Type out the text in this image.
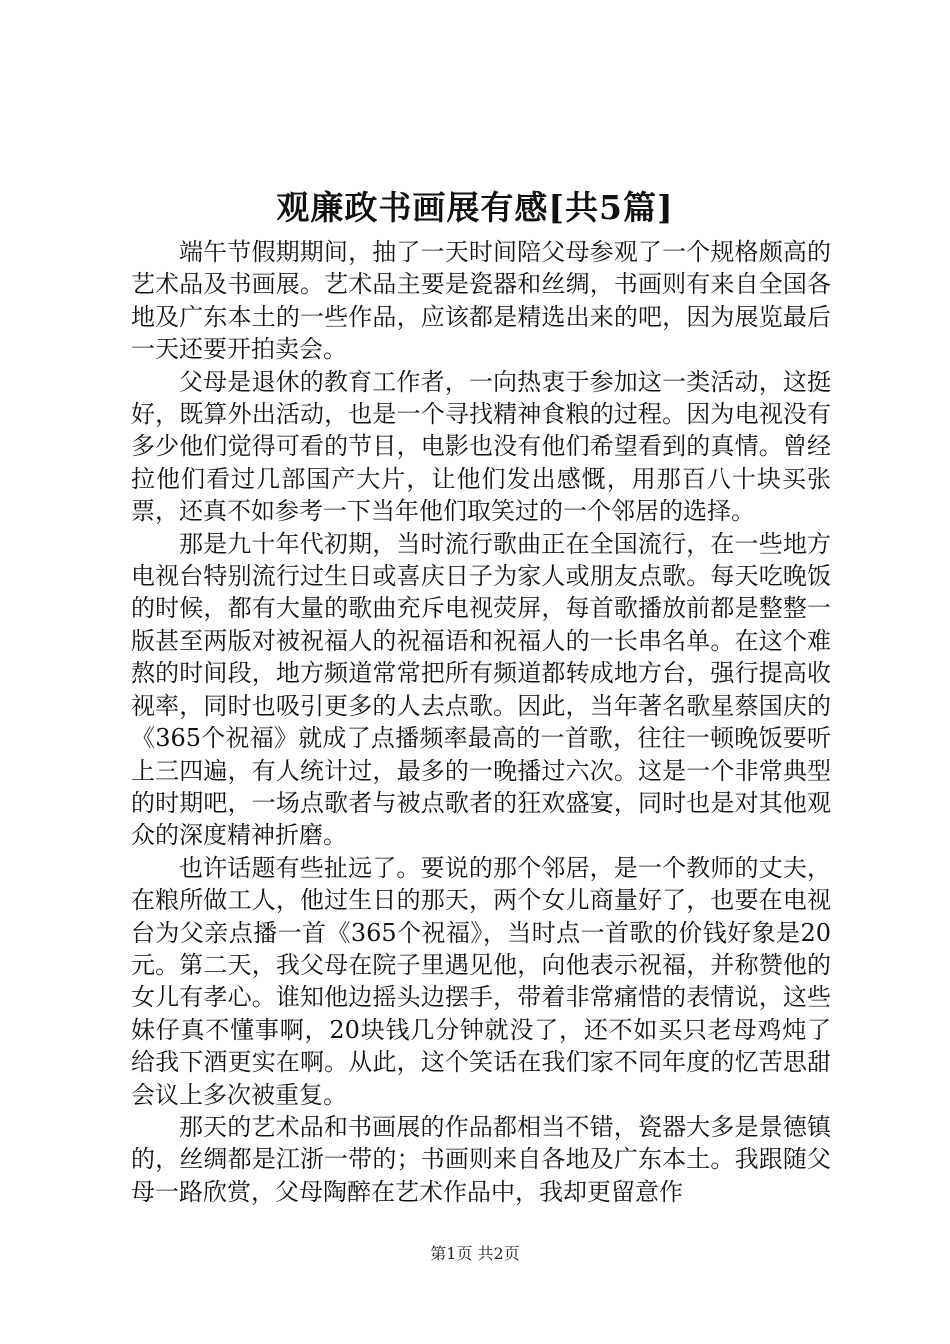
观廉政书画展有感[共5篇]

端午节假期期间，抽了一天时间陪父母参观了一个规格颇高的艺术品及书画展。艺术品主要是瓷器和丝绸，书画则有来自全国各地及广东本土的一些作品，应该都是精选出来的吧，因为展览最后一天还要开拍卖会。

父母是退休的教育工作者，一向热衷于参加这一类活动，这挺好，既算外出活动，也是一个寻找精神食粮的过程。因为电视没有多少他们觉得可看的节目，电影也没有他们希望看到的真情。曾经拉他们看过几部国产大片，让他们发出感慨，用那百八十块买张票，还真不如参考一下当年他们取笑过的一个邻居的选择。

那是九十年代初期，当时流行歌曲正在全国流行，在一些地方电视台特别流行过生日或喜庆日子为家人或朋友点歌。每天吃晚饭的时候，都有大量的歌曲充斥电视荧屏，每首歌播放前都是整整一版甚至两版对被祝福人的祝福语和祝福人的一长串名单。在这个难熬的时间段，地方频道常常把所有频道都转成地方台，强行提高收视率，同时也吸引更多的人去点歌。因此，当年著名歌星蔡国庆的《365个祝福》就成了点播频率最高的一首歌，往往一顿晚饭要听上三四遍，有人统计过，最多的一晚播过六次。这是一个非常典型的时期吧，一场点歌者与被点歌者的狂欢盛宴，同时也是对其他观众的深度精神折磨。

也许话题有些扯远了。要说的那个邻居，是一个教师的丈夫，在粮所做工人，他过生日的那天，两个女儿商量好了，也要在电视台为父亲点播一首《365个祝福》，当时点一首歌的价钱好象是20元。第二天，我父母在院子里遇见他，向他表示祝福，并称赞他的女儿有孝心。谁知他边摇头边摆手，带着非常痛惜的表情说，这些妹仔真不懂事啊，20块钱几分钟就没了，还不如买只老母鸡炖了给我下酒更实在啊。从此，这个笑话在我们家不同年度的忆苦思甜会议上多次被重复。

那天的艺术品和书画展的作品都相当不错，瓷器大多是景德镇的，丝绸都是江浙一带的；书画则来自各地及广东本土。我跟随父母一路欣赏，父母陶醉在艺术作品中，我却更留意作

第1页 共2页
